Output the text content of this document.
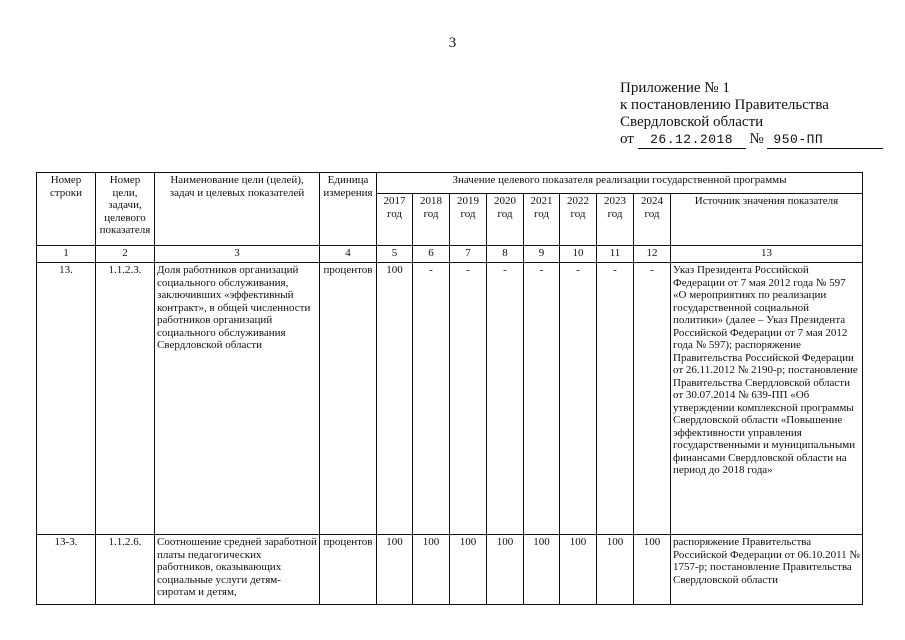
3
Приложение № 1
к постановлению Правительства
Свердловской области
от 26.12.2018 № 950-ПП
Номер строки	Номер цели, задачи, целевого показателя	Наименование цели (целей), задач и целевых показателей	Единица измерения	Значение целевого показателя реализации государственной программы								
				2017 год	2018 год	2019 год	2020 год	2021 год	2022 год	2023 год	2024 год	Источник значения показателя
1	2	3	4	5	6	7	8	9	10	11	12	13
13.	1.1.2.3.	Доля работников организаций социального обслуживания, заключивших «эффективный контракт», в общей численности работников организаций социального обслуживания Свердловской области	процентов	100	-	-	-	-	-	-	-	Указ Президента Российской Федерации от 7 мая 2012 года № 597 «О мероприятиях по реализации государственной социальной политики» (далее – Указ Президента Российской Федерации от 7 мая 2012 года № 597); распоряжение Правительства Российской Федерации от 26.11.2012 № 2190-р; постановление Правительства Свердловской области от 30.07.2014 № 639-ПП «Об утверждении комплексной программы Свердловской области «Повышение эффективности управления государственными и муниципальными финансами Свердловской области на период до 2018 года»
13-3.	1.1.2.6.	Соотношение средней заработной платы педагогических работников, оказывающих социальные услуги детям-сиротам и детям,	процентов	100	100	100	100	100	100	100	100	распоряжение Правительства Российской Федерации от 06.10.2011 № 1757-р; постановление Правительства Свердловской области
